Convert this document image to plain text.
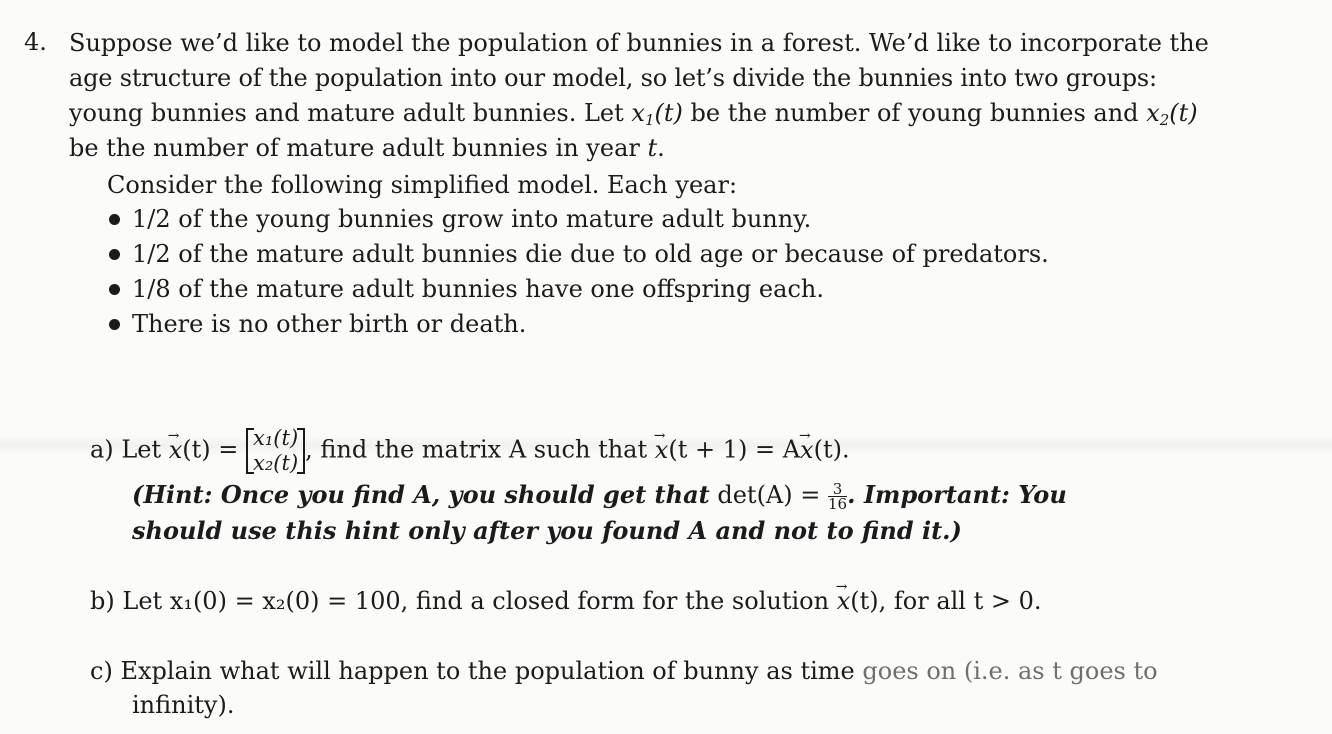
4. Suppose we’d like to model the population of bunnies in a forest. We’d like to incorporate the
age structure of the population into our model, so let’s divide the bunnies into two groups:
young bunnies and mature adult bunnies. Let $x_1(t)$ be the number of young bunnies and $x_2(t)$
be the number of mature adult bunnies in year t.
Consider the following simplified model. Each year:
1/2 of the young bunnies grow into mature adult bunny.
1/2 of the mature adult bunnies die due to old age or because of predators.
1/8 of the mature adult bunnies have one offspring each.
There is no other birth or death.
a) Let → x(t) = x₁(t)
x₂(t) , find the matrix A such that → x(t + 1) = A→ x(t).
(Hint: Once you find A, you should get that $\det(A) = \frac{3}{16}$ . Important: You
should use this hint only after you found A and not to find it.)
b) Let x₁(0) = x₂(0) = 100, find a closed form for the solution → x(t), for all t > 0.
c) Explain what will happen to the population of bunny as time goes on (i.e. as t goes to
infinity).
